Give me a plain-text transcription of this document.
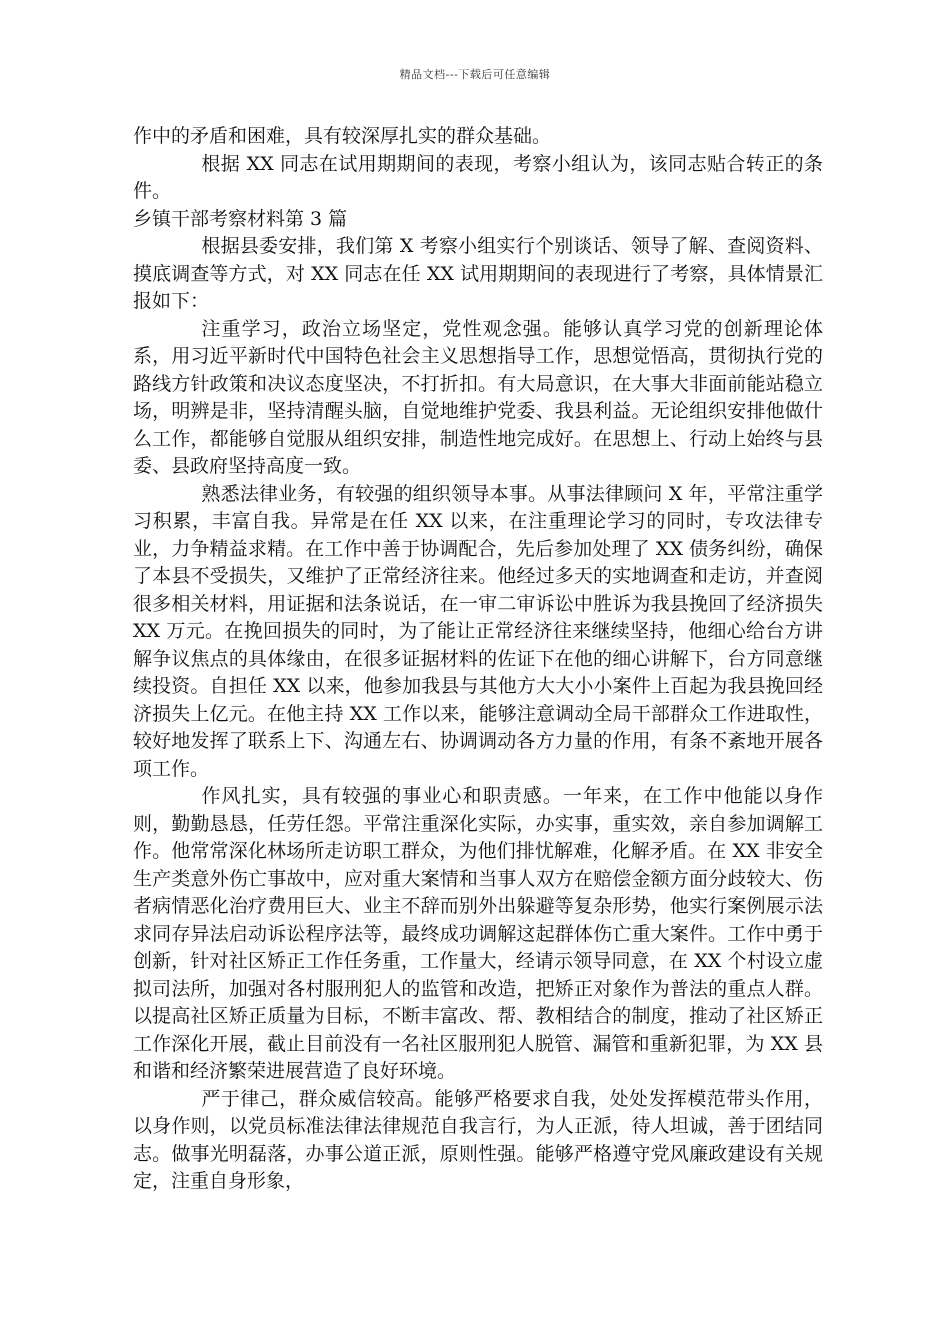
精品文档---下载后可任意编辑

作中的矛盾和困难，具有较深厚扎实的群众基础。

根据 XX 同志在试用期期间的表现，考察小组认为，该同志贴合转正的条件。

乡镇干部考察材料第 3 篇

根据县委安排，我们第 X 考察小组实行个别谈话、领导了解、查阅资料、摸底调查等方式，对 XX 同志在任 XX 试用期期间的表现进行了考察，具体情景汇报如下：

注重学习，政治立场坚定，党性观念强。能够认真学习党的创新理论体系，用习近平新时代中国特色社会主义思想指导工作，思想觉悟高，贯彻执行党的路线方针政策和决议态度坚决，不打折扣。有大局意识，在大事大非面前能站稳立场，明辨是非，坚持清醒头脑，自觉地维护党委、我县利益。无论组织安排他做什么工作，都能够自觉服从组织安排，制造性地完成好。在思想上、行动上始终与县委、县政府坚持高度一致。

熟悉法律业务，有较强的组织领导本事。从事法律顾问 X 年，平常注重学习积累，丰富自我。异常是在任 XX 以来，在注重理论学习的同时，专攻法律专业，力争精益求精。在工作中善于协调配合，先后参加处理了 XX 债务纠纷，确保了本县不受损失，又维护了正常经济往来。他经过多天的实地调查和走访，并查阅很多相关材料，用证据和法条说话，在一审二审诉讼中胜诉为我县挽回了经济损失 XX 万元。在挽回损失的同时，为了能让正常经济往来继续坚持，他细心给台方讲解争议焦点的具体缘由，在很多证据材料的佐证下在他的细心讲解下，台方同意继续投资。自担任 XX 以来，他参加我县与其他方大大小小案件上百起为我县挽回经济损失上亿元。在他主持 XX 工作以来，能够注意调动全局干部群众工作进取性，较好地发挥了联系上下、沟通左右、协调调动各方力量的作用，有条不紊地开展各项工作。

作风扎实，具有较强的事业心和职责感。一年来，在工作中他能以身作则，勤勤恳恳，任劳任怨。平常注重深化实际，办实事，重实效，亲自参加调解工作。他常常深化林场所走访职工群众，为他们排忧解难，化解矛盾。在 XX 非安全生产类意外伤亡事故中，应对重大案情和当事人双方在赔偿金额方面分歧较大、伤者病情恶化治疗费用巨大、业主不辞而别外出躲避等复杂形势，他实行案例展示法求同存异法启动诉讼程序法等，最终成功调解这起群体伤亡重大案件。工作中勇于创新，针对社区矫正工作任务重，工作量大，经请示领导同意，在 XX 个村设立虚拟司法所，加强对各村服刑犯人的监管和改造，把矫正对象作为普法的重点人群。以提高社区矫正质量为目标，不断丰富改、帮、教相结合的制度，推动了社区矫正工作深化开展，截止目前没有一名社区服刑犯人脱管、漏管和重新犯罪，为 XX 县和谐和经济繁荣进展营造了良好环境。

严于律己，群众威信较高。能够严格要求自我，处处发挥模范带头作用，以身作则，以党员标准法律法律规范自我言行，为人正派，待人坦诚，善于团结同志。做事光明磊落，办事公道正派，原则性强。能够严格遵守党风廉政建设有关规定，注重自身形象，
